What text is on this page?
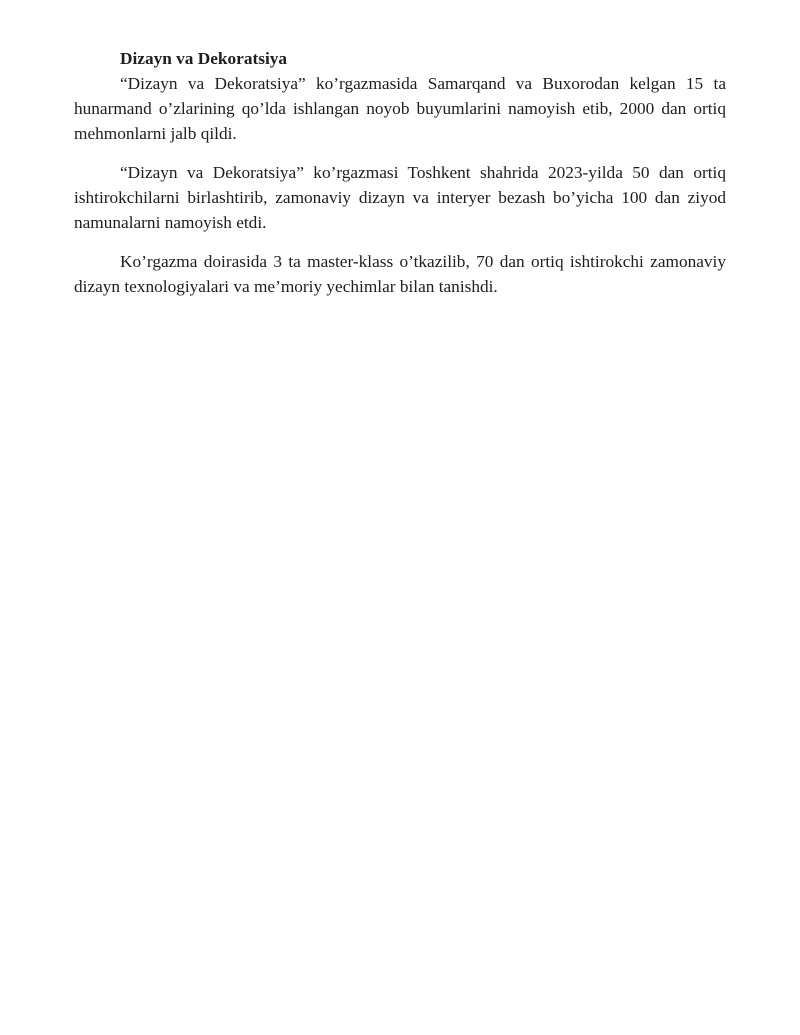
Dizayn va Dekoratsiya

“Dizayn va Dekoratsiya” ko’rgazmasida Samarqand va Buxorodan kelgan 15 ta hunarmand o’zlarining qo’lda ishlangan noyob buyumlarini namoyish etib, 2000 dan ortiq mehmonlarni jalb qildi.

“Dizayn va Dekoratsiya” ko’rgazmasi Toshkent shahrida 2023-yilda 50 dan ortiq ishtirokchilarni birlashtirib, zamonaviy dizayn va interyer bezash bo’yicha 100 dan ziyod namunalarni namoyish etdi.

Ko’rgazma doirasida 3 ta master-klass o’tkazilib, 70 dan ortiq ishtirokchi zamonaviy dizayn texnologiyalari va me’moriy yechimlar bilan tanishdi.
